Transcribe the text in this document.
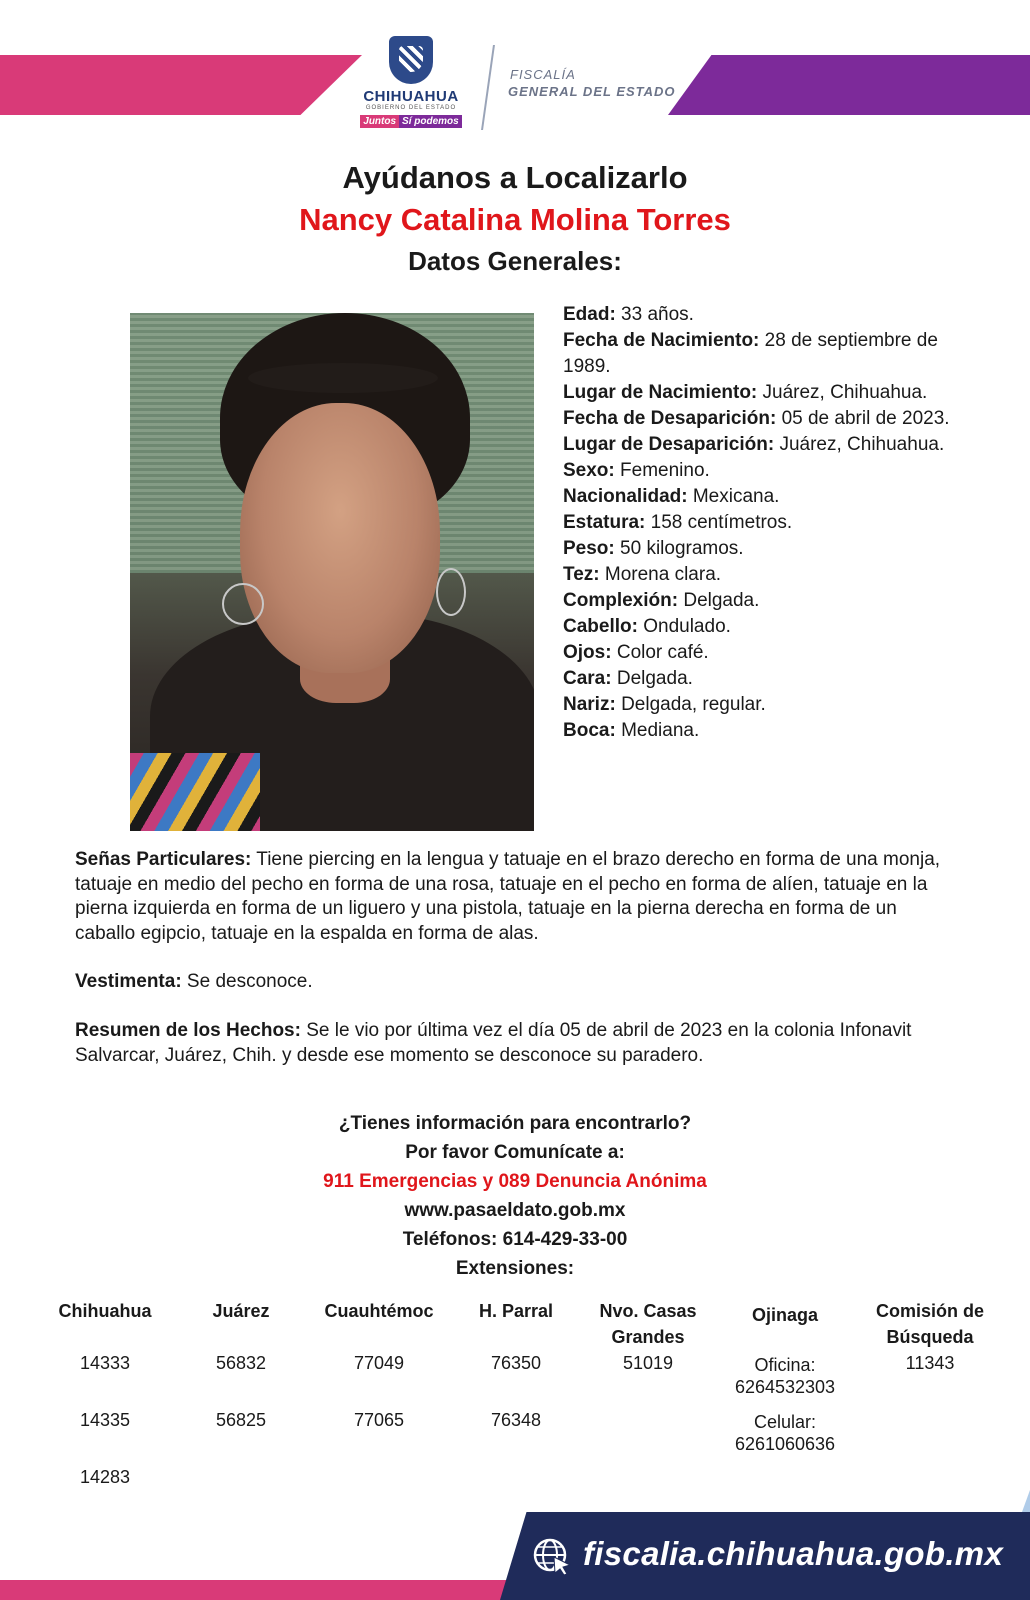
CHIHUAHUA
GOBIERNO DEL ESTADO
Juntos Sí podemos
FISCALÍA
GENERAL DEL ESTADO
Ayúdanos a Localizarlo
Nancy Catalina Molina Torres
Datos Generales:

Edad: 33 años.

Fecha de Nacimiento: 28 de septiembre de 1989.

Lugar de Nacimiento: Juárez, Chihuahua.

Fecha de Desaparición: 05 de abril de 2023.

Lugar de Desaparición: Juárez, Chihuahua.

Sexo: Femenino.

Nacionalidad: Mexicana.

Estatura: 158 centímetros.

Peso: 50 kilogramos.

Tez: Morena clara.

Complexión: Delgada.

Cabello: Ondulado.

Ojos: Color café.

Cara: Delgada.

Nariz: Delgada, regular.

Boca: Mediana.

Señas Particulares: Tiene piercing en la lengua y tatuaje en el brazo derecho en forma de una monja, tatuaje en medio del pecho en forma de una rosa, tatuaje en el pecho en forma de alíen, tatuaje en la pierna izquierda en forma de un liguero y una pistola, tatuaje en la pierna derecha en forma de un caballo egipcio, tatuaje en la espalda en forma de alas.
Vestimenta: Se desconoce.
Resumen de los Hechos: Se le vio por última vez el día 05 de abril de 2023 en la colonia Infonavit Salvarcar, Juárez, Chih. y desde ese momento se desconoce su paradero.
¿Tienes información para encontrarlo?
Por favor Comunícate a:
911 Emergencias y 089 Denuncia Anónima
www.pasaeldato.gob.mx
Teléfonos: 614-429-33-00
Extensiones:
Chihuahua
14333
14335
14283
Juárez
56832
56825
Cuauhtémoc
77049
77065
H. Parral
76350
76348
Nvo. Casas Grandes
51019
Ojinaga
Oficina:
6264532303
Celular:
6261060636
Comisión de Búsqueda
11343
fiscalia.chihuahua.gob.mx
